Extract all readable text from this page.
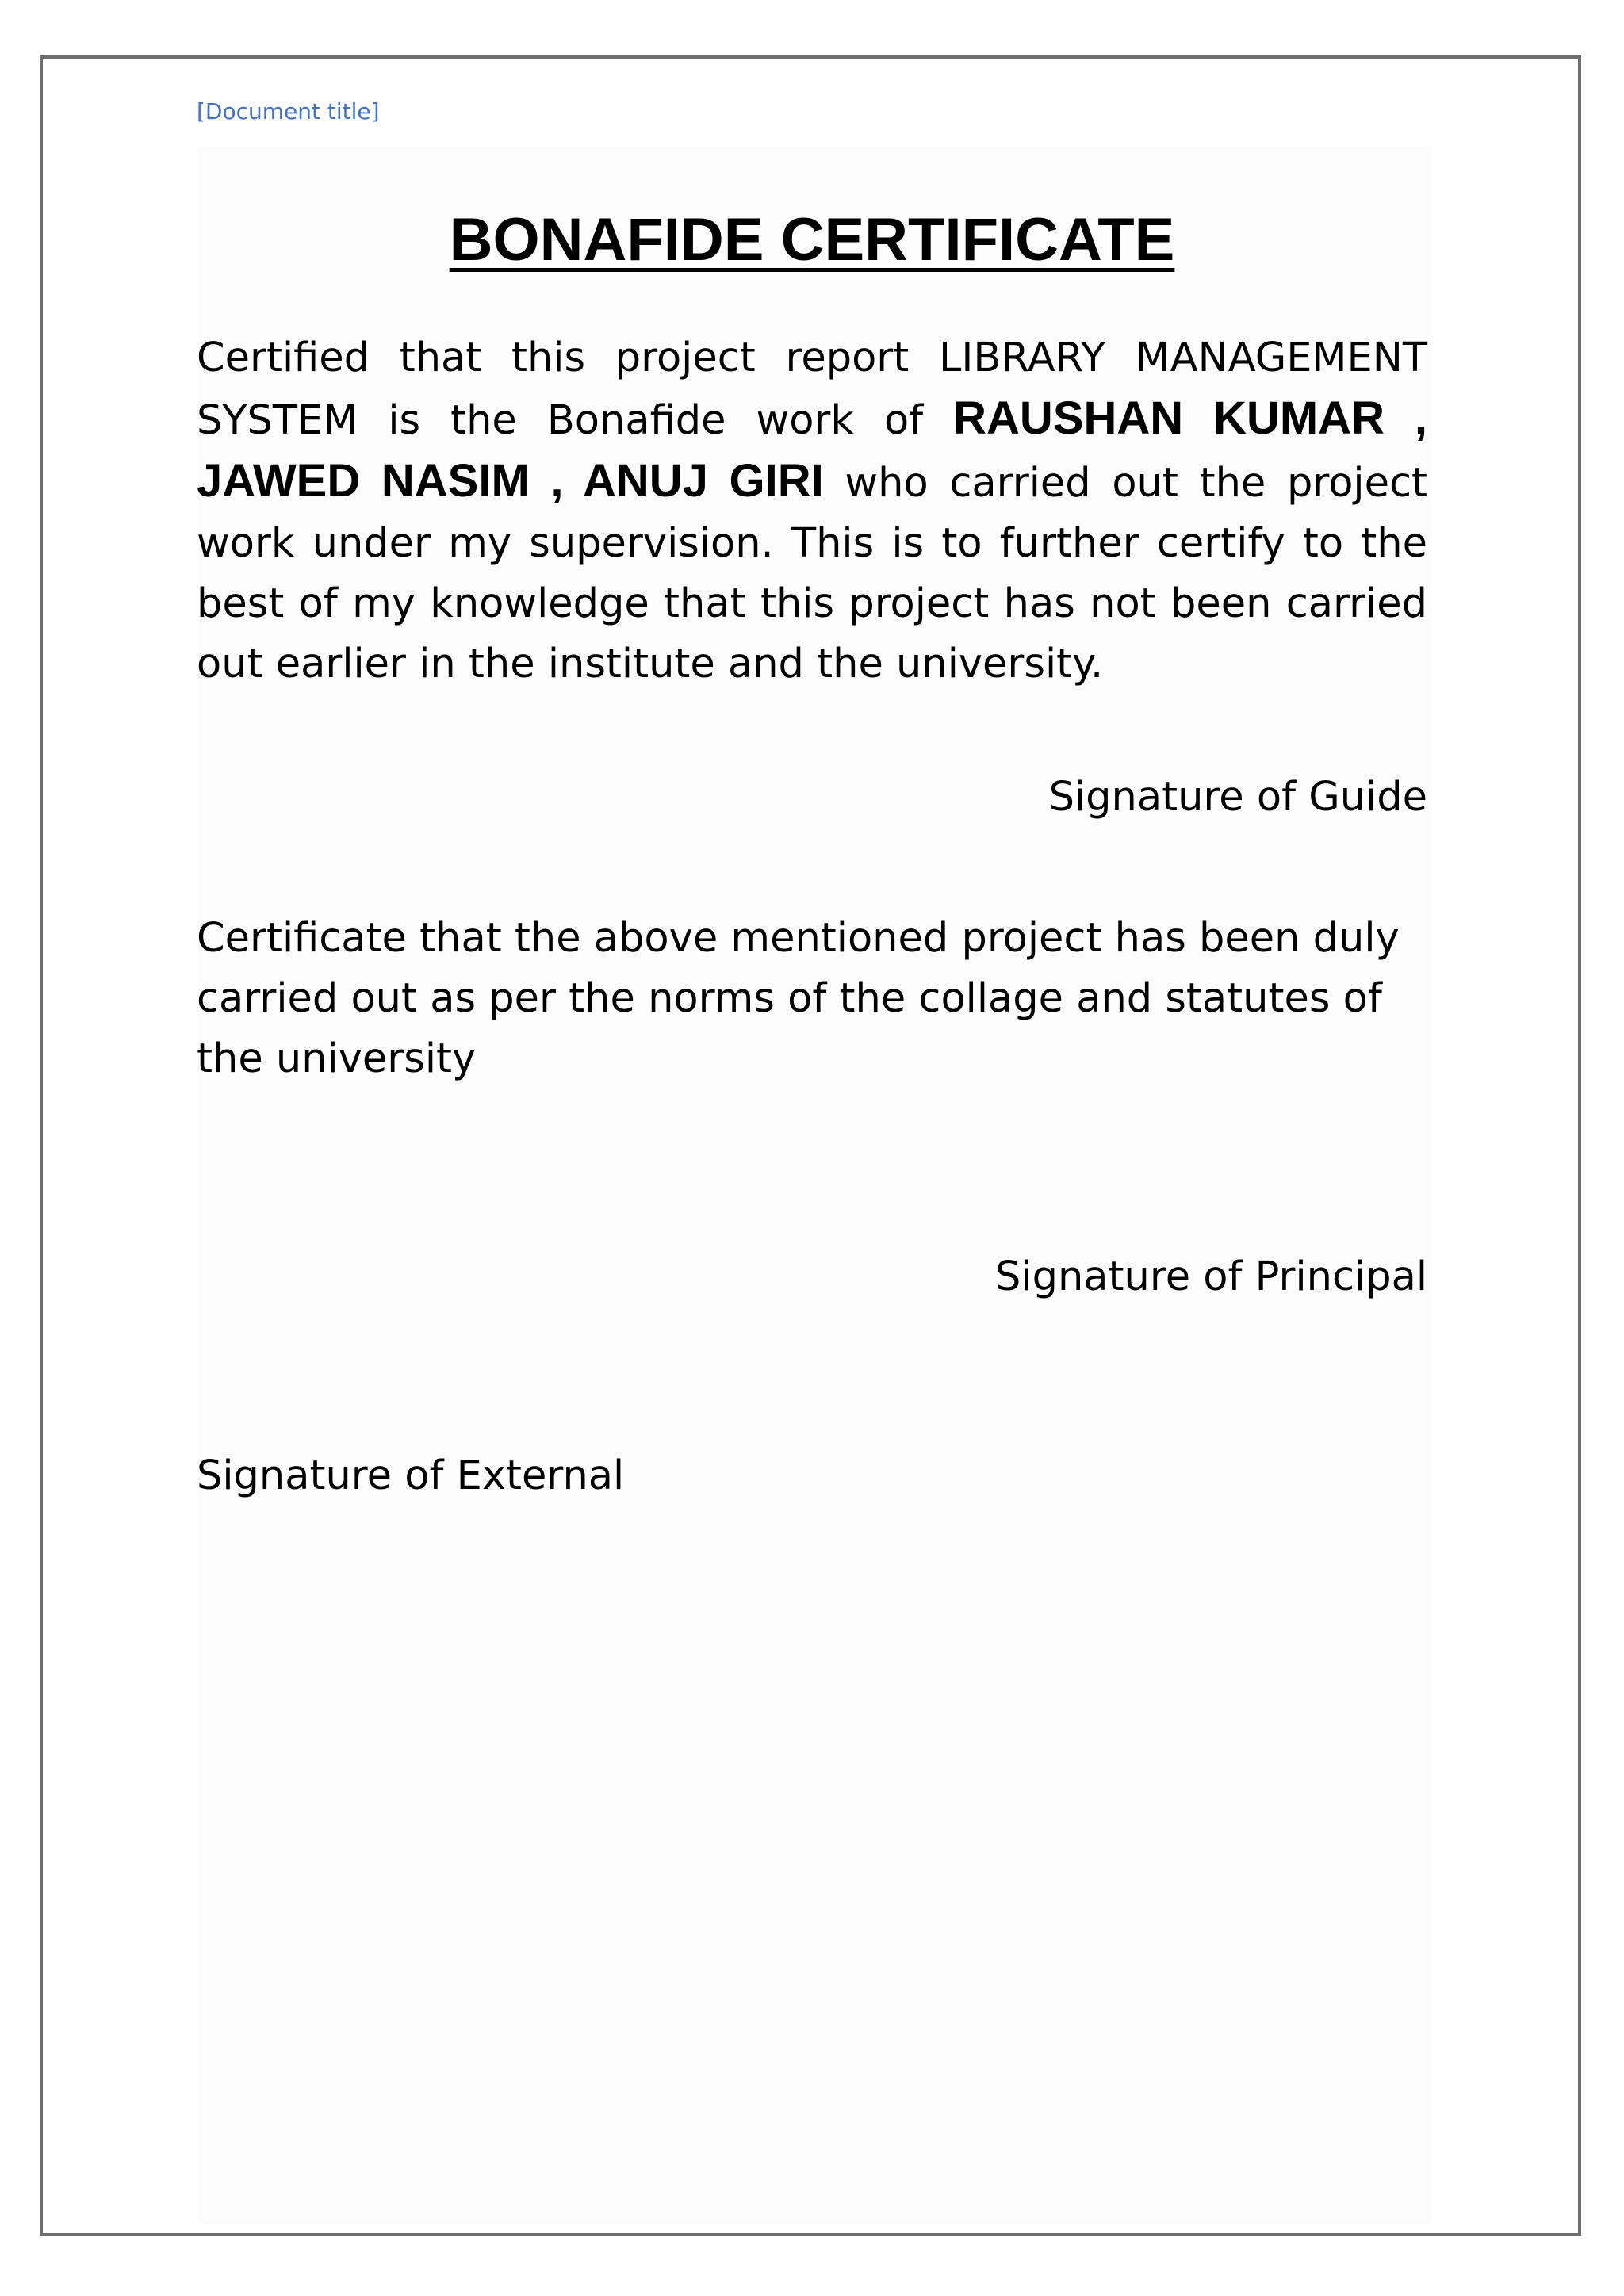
[Document title]
BONAFIDE CERTIFICATE
Certified that this project report LIBRARY MANAGEMENT SYSTEM is the Bonafide work of RAUSHAN KUMAR , JAWED NASIM , ANUJ GIRI who carried out the project work under my supervision. This is to further certify to the best of my knowledge that this project has not been carried out earlier in the institute and the university.
Signature of Guide
Certificate that the above mentioned project has been duly
carried out as per the norms of the collage and statutes of
the university
Signature of Principal
Signature of External
